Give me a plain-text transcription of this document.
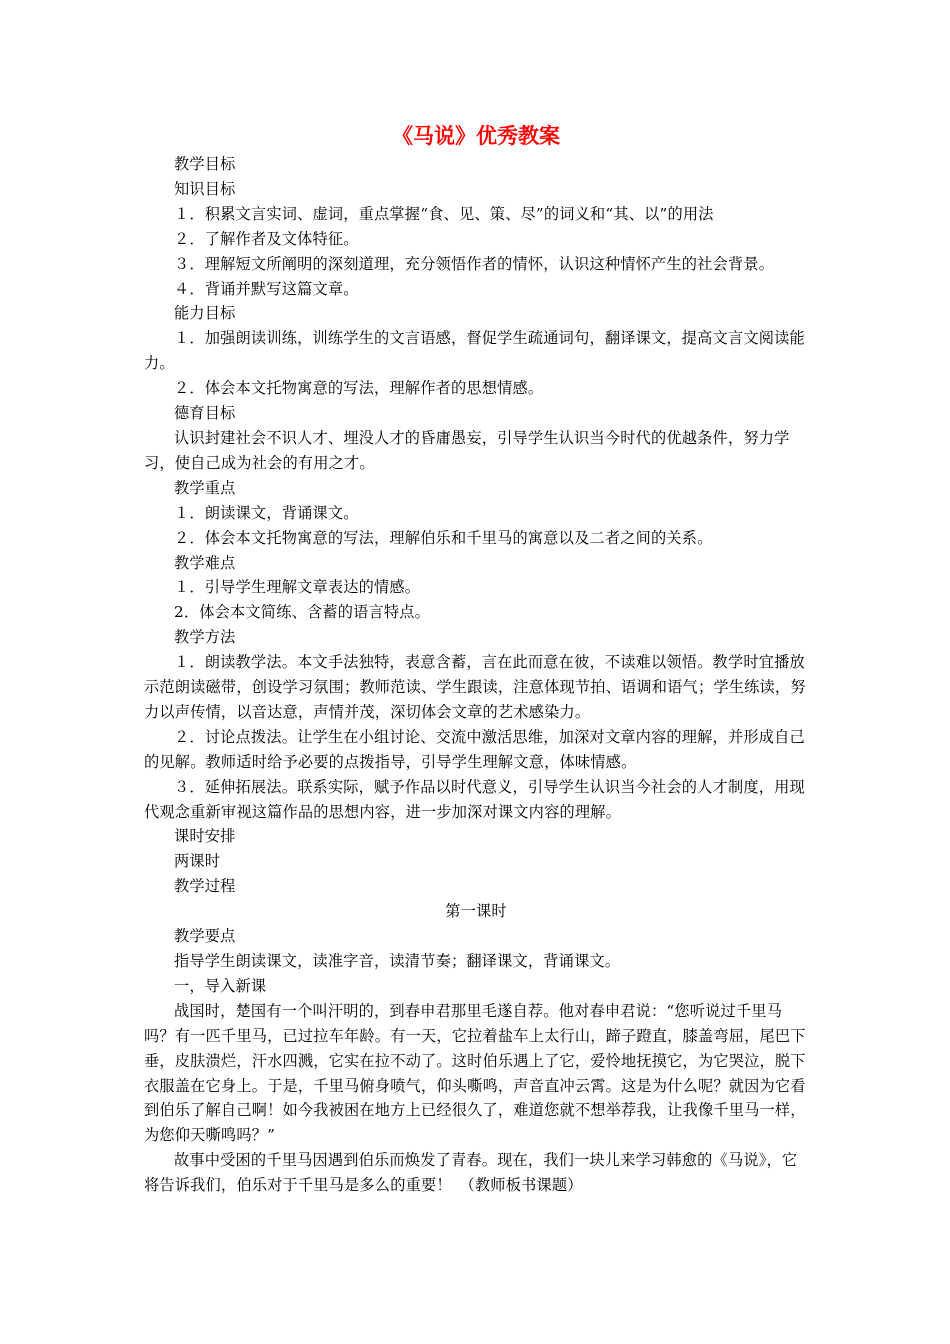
《马说》优秀教案

教学目标

知识目标

１．积累文言实词、虚词，重点掌握“食、见、策、尽”的词义和“其、以”的用法

２．了解作者及文体特征。

３．理解短文所阐明的深刻道理，充分领悟作者的情怀，认识这种情怀产生的社会背景。

４．背诵并默写这篇文章。

能力目标

１．加强朗读训练，训练学生的文言语感，督促学生疏通词句，翻译课文，提高文言文阅读能力。

２．体会本文托物寓意的写法，理解作者的思想情感。

德育目标

认识封建社会不识人才、埋没人才的昏庸愚妄，引导学生认识当今时代的优越条件，努力学习，使自己成为社会的有用之才。

教学重点

１．朗读课文，背诵课文。

２．体会本文托物寓意的写法，理解伯乐和千里马的寓意以及二者之间的关系。

教学难点

１．引导学生理解文章表达的情感。

2．体会本文简练、含蓄的语言特点。

教学方法

１．朗读教学法。本文手法独特，表意含蓄，言在此而意在彼，不读难以领悟。教学时宜播放示范朗读磁带，创设学习氛围；教师范读、学生跟读，注意体现节拍、语调和语气；学生练读，努力以声传情，以音达意，声情并茂，深切体会文章的艺术感染力。

２．讨论点拨法。让学生在小组讨论、交流中激活思维，加深对文章内容的理解，并形成自己的见解。教师适时给予必要的点拨指导，引导学生理解文意，体味情感。

３．延伸拓展法。联系实际，赋予作品以时代意义，引导学生认识当今社会的人才制度，用现代观念重新审视这篇作品的思想内容，进一步加深对课文内容的理解。

课时安排

两课时

教学过程

第一课时

教学要点

指导学生朗读课文，读准字音，读清节奏；翻译课文，背诵课文。

一，导入新课

战国时，楚国有一个叫汗明的，到春申君那里毛遂自荐。他对春申君说：“您听说过千里马吗？有一匹千里马，已过拉车年龄。有一天，它拉着盐车上太行山，蹄子蹬直，膝盖弯屈，尾巴下垂，皮肤溃烂，汗水四溅，它实在拉不动了。这时伯乐遇上了它，爱怜地抚摸它，为它哭泣，脱下衣服盖在它身上。于是，千里马俯身喷气，仰头嘶鸣，声音直冲云霄。这是为什么呢？就因为它看到伯乐了解自己啊！如今我被困在地方上已经很久了，难道您就不想举荐我，让我像千里马一样，为您仰天嘶鸣吗？”

故事中受困的千里马因遇到伯乐而焕发了青春。现在，我们一块儿来学习韩愈的《马说》，它将告诉我们，伯乐对于千里马是多么的重要！　（教师板书课题）
